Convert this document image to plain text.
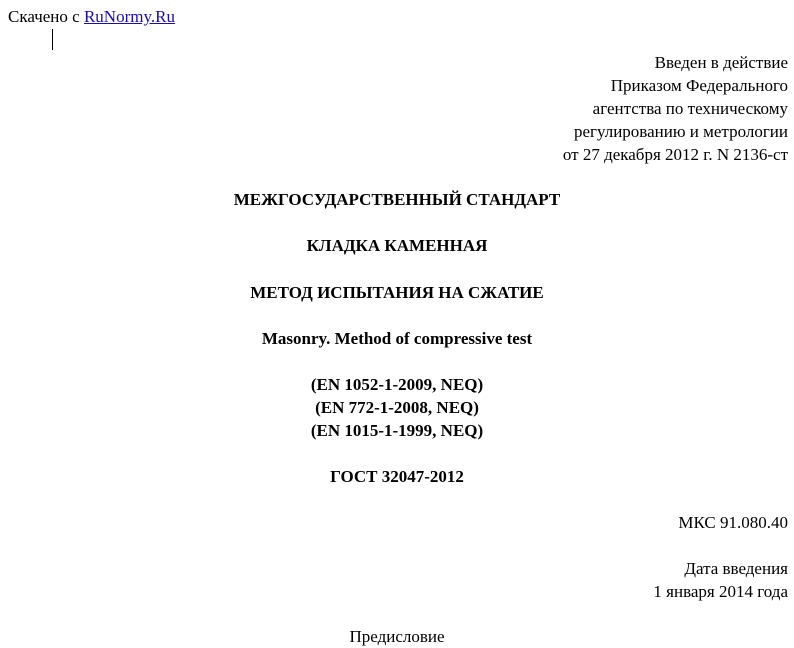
Скачено с RuNormy.Ru
Введен в действие
Приказом Федерального
агентства по техническому
регулированию и метрологии
от 27 декабря 2012 г. N 2136-ст
МЕЖГОСУДАРСТВЕННЫЙ СТАНДАРТ
КЛАДКА КАМЕННАЯ
МЕТОД ИСПЫТАНИЯ НА СЖАТИЕ
Masonry. Method of compressive test
(EN 1052-1-2009, NEQ)
(EN 772-1-2008, NEQ)
(EN 1015-1-1999, NEQ)
ГОСТ 32047-2012
МКС 91.080.40
Дата введения
1 января 2014 года
Предисловие
